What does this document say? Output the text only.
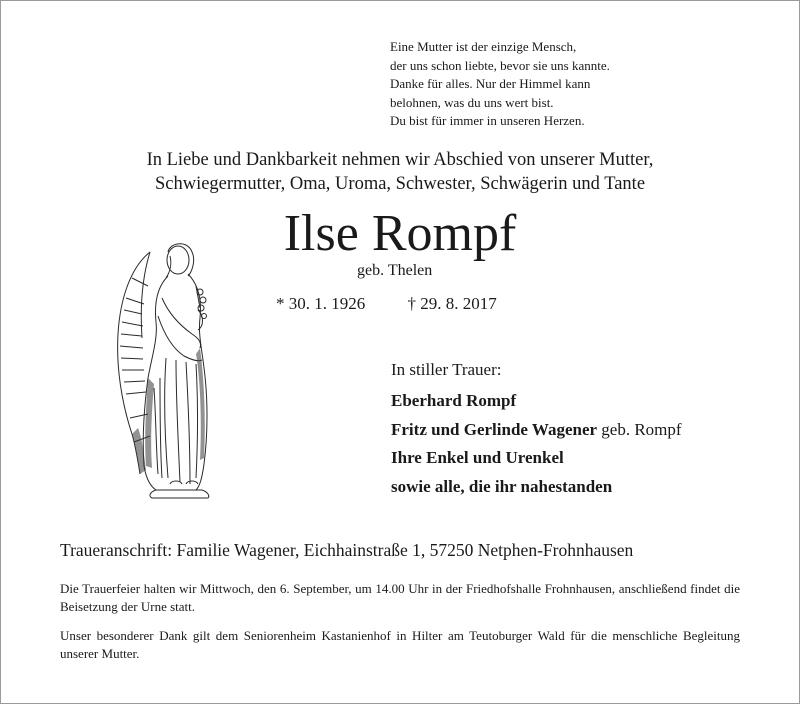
Eine Mutter ist der einzige Mensch,
der uns schon liebte, bevor sie uns kannte.
Danke für alles. Nur der Himmel kann
belohnen, was du uns wert bist.
Du bist für immer in unseren Herzen.
In Liebe und Dankbarkeit nehmen wir Abschied von unserer Mutter,
Schwiegermutter, Oma, Uroma, Schwester, Schwägerin und Tante
Ilse Rompf
geb. Thelen
* 30. 1. 1926 † 29. 8. 2017
In stiller Trauer:
Eberhard Rompf
Fritz und Gerlinde Wagener geb. Rompf
Ihre Enkel und Urenkel
sowie alle, die ihr nahestanden
Traueranschrift: Familie Wagener, Eichhainstraße 1, 57250 Netphen-Frohnhausen
Die Trauerfeier halten wir Mittwoch, den 6. September, um 14.00 Uhr in der Friedhofshalle Frohnhausen, anschließend findet die Beisetzung der Urne statt.
Unser besonderer Dank gilt dem Seniorenheim Kastanienhof in Hilter am Teutoburger Wald für die menschliche Begleitung unserer Mutter.
